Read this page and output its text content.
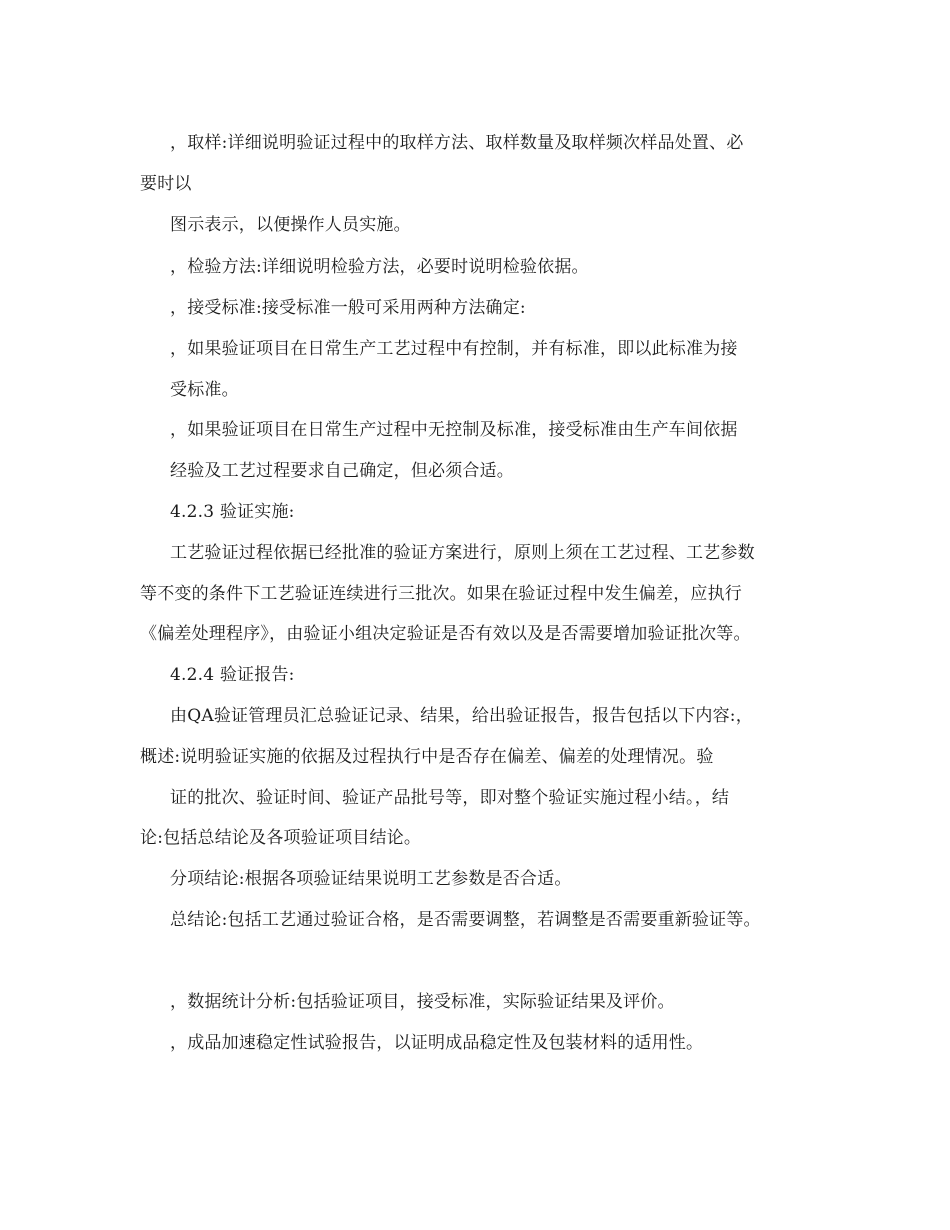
，取样:详细说明验证过程中的取样方法、取样数量及取样频次样品处置、必
要时以
图示表示，以便操作人员实施。
，检验方法:详细说明检验方法，必要时说明检验依据。
，接受标准:接受标准一般可采用两种方法确定:
，如果验证项目在日常生产工艺过程中有控制，并有标准，即以此标准为接
受标准。
，如果验证项目在日常生产过程中无控制及标准，接受标准由生产车间依据
经验及工艺过程要求自己确定，但必须合适。
4.2.3 验证实施:
工艺验证过程依据已经批准的验证方案进行，原则上须在工艺过程、工艺参数
等不变的条件下工艺验证连续进行三批次。如果在验证过程中发生偏差，应执行
《偏差处理程序》，由验证小组决定验证是否有效以及是否需要增加验证批次等。
4.2.4 验证报告:
由QA验证管理员汇总验证记录、结果，给出验证报告，报告包括以下内容:，
概述:说明验证实施的依据及过程执行中是否存在偏差、偏差的处理情况。验
证的批次、验证时间、验证产品批号等，即对整个验证实施过程小结。，结
论:包括总结论及各项验证项目结论。
分项结论:根据各项验证结果说明工艺参数是否合适。
总结论:包括工艺通过验证合格，是否需要调整，若调整是否需要重新验证等。
，数据统计分析:包括验证项目，接受标准，实际验证结果及评价。
，成品加速稳定性试验报告，以证明成品稳定性及包装材料的适用性。
